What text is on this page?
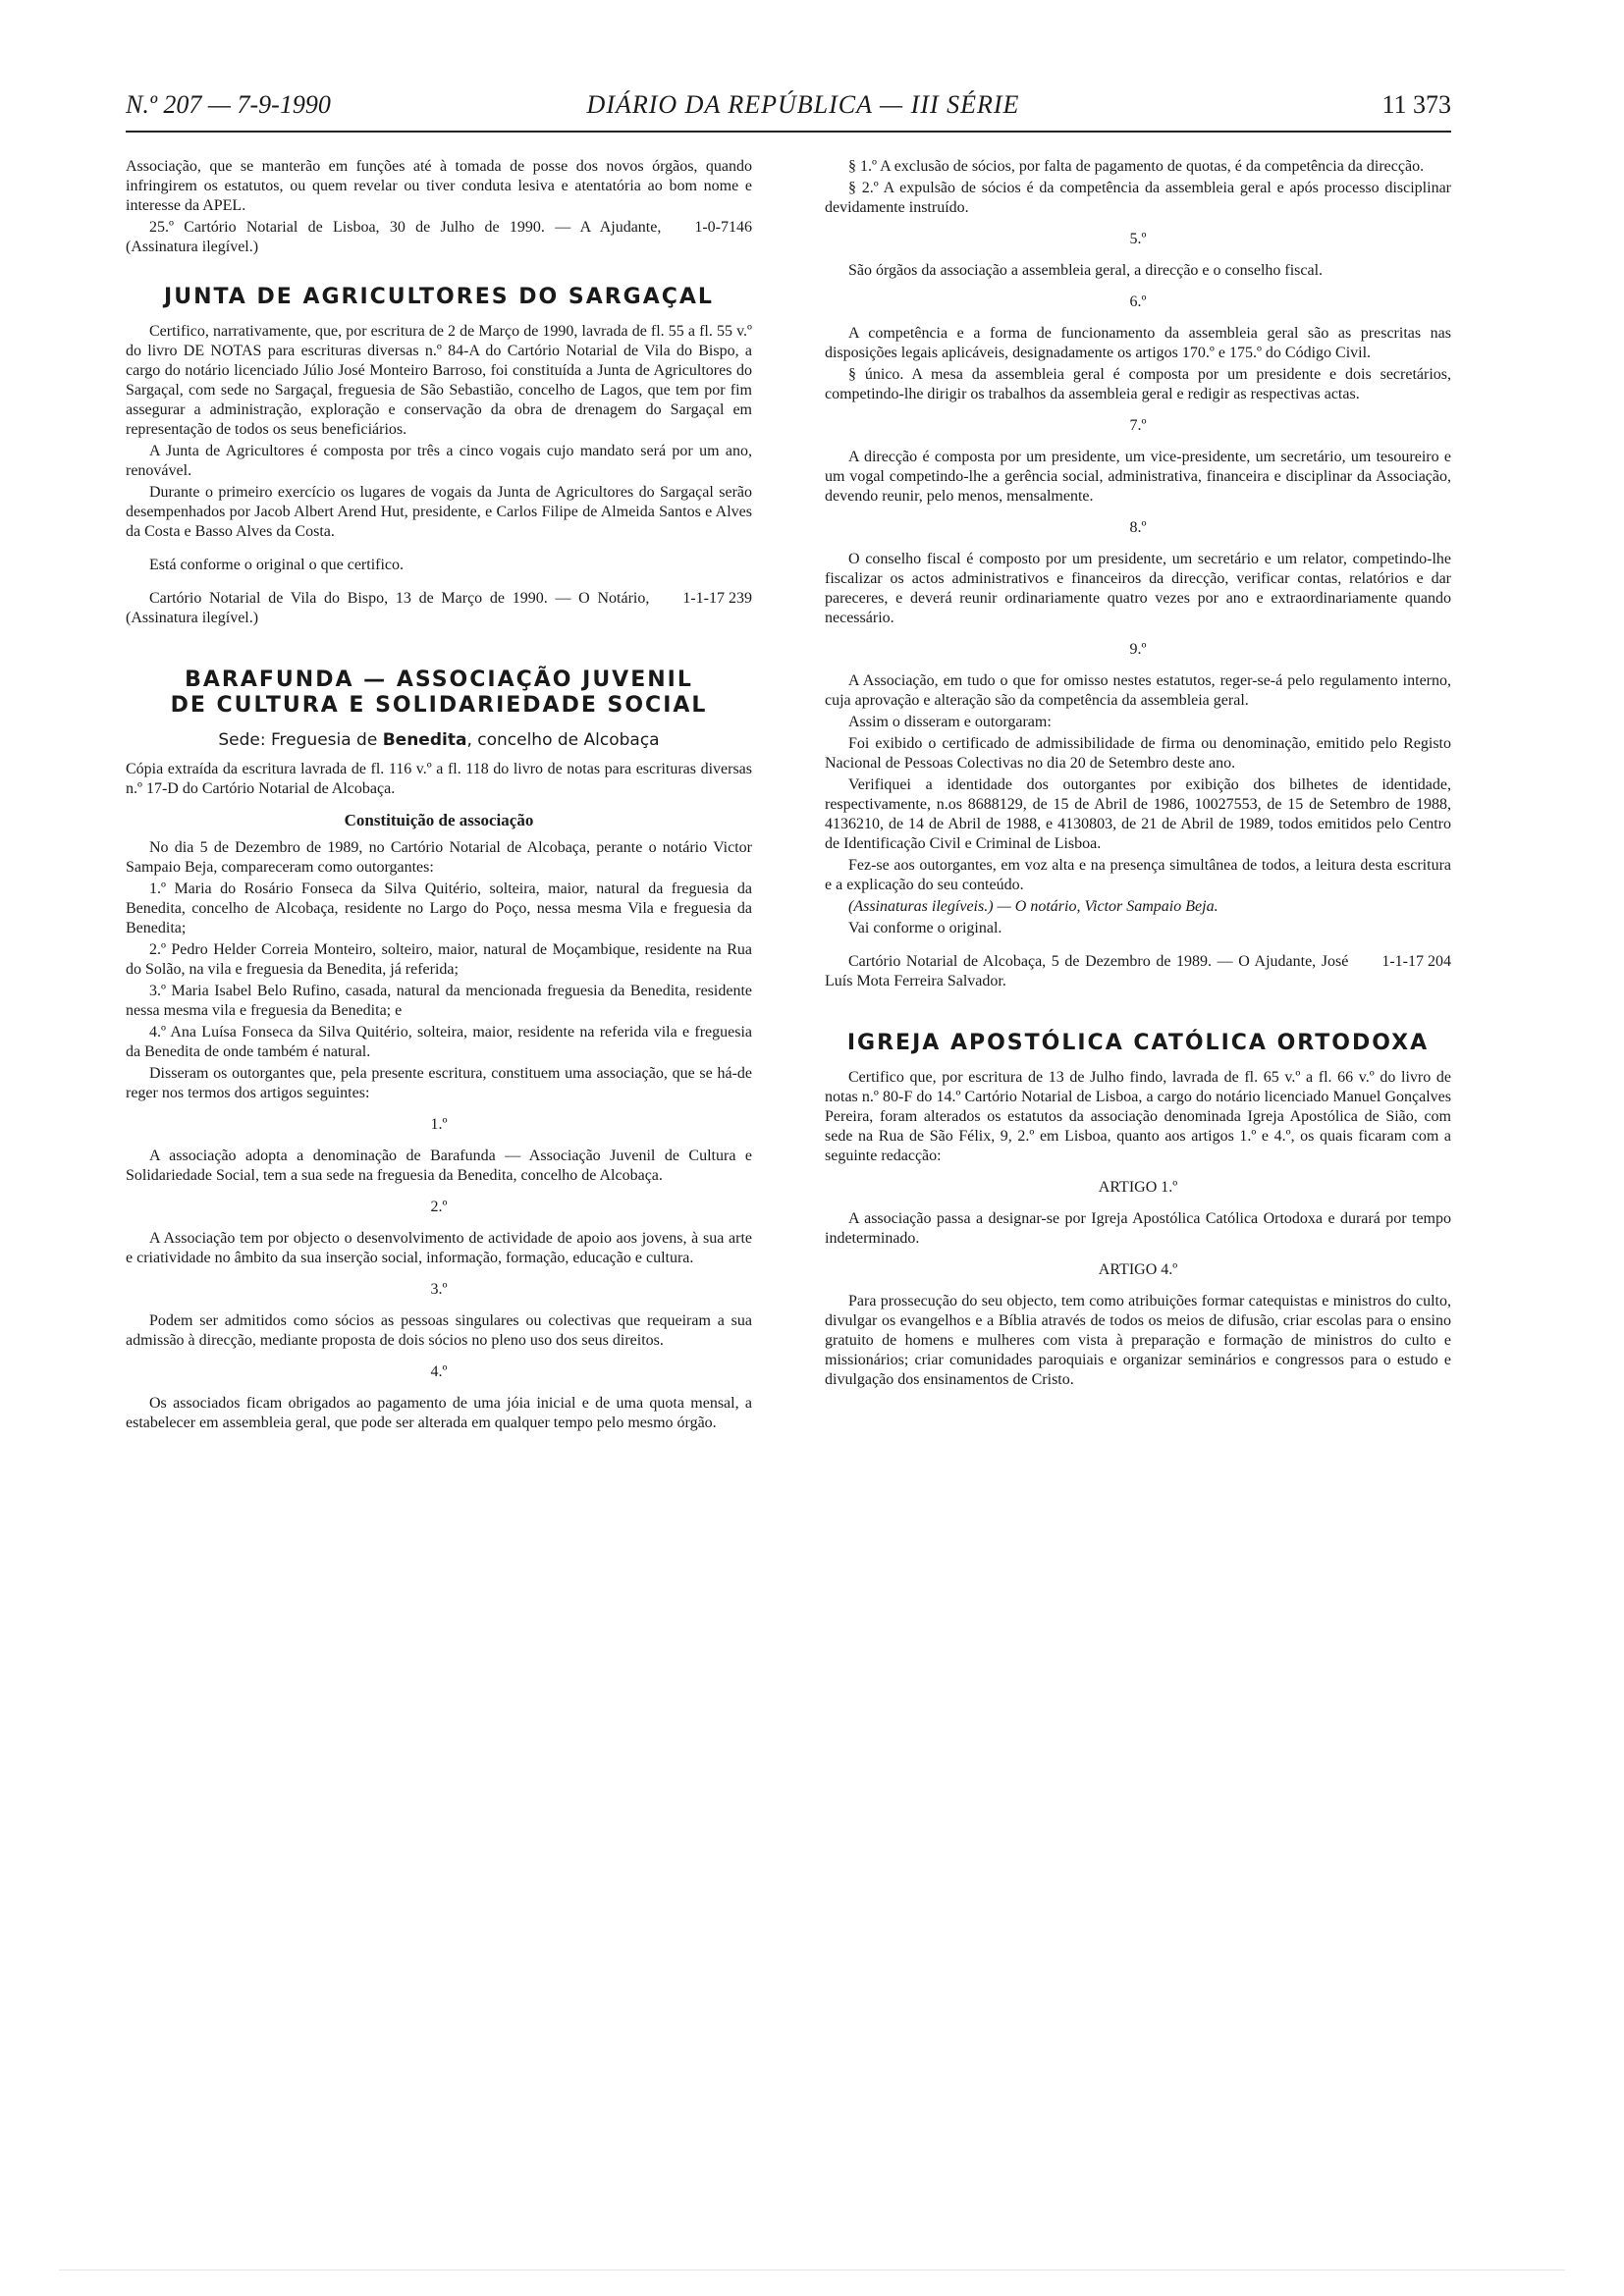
N.º 207 — 7-9-1990	DIÁRIO DA REPÚBLICA — III SÉRIE	11 373

Associação, que se manterão em funções até à tomada de posse dos novos órgãos, quando infringirem os estatutos, ou quem revelar ou tiver conduta lesiva e atentatória ao bom nome e interesse da APEL.

25.º Cartório Notarial de Lisboa, 30 de Julho de 1990. — A Ajudante, (Assinatura ilegível.)
1-0-7146

JUNTA DE AGRICULTORES DO SARGAÇAL

Certifico, narrativamente, que, por escritura de 2 de Março de 1990, lavrada de fl. 55 a fl. 55 v.º do livro DE NOTAS para escrituras diversas n.º 84-A do Cartório Notarial de Vila do Bispo, a cargo do notário licenciado Júlio José Monteiro Barroso, foi constituída a Junta de Agricultores do Sargaçal, com sede no Sargaçal, freguesia de São Sebastião, concelho de Lagos, que tem por fim assegurar a administração, exploração e conservação da obra de drenagem do Sargaçal em representação de todos os seus beneficiários.

A Junta de Agricultores é composta por três a cinco vogais cujo mandato será por um ano, renovável.

Durante o primeiro exercício os lugares de vogais da Junta de Agricultores do Sargaçal serão desempenhados por Jacob Albert Arend Hut, presidente, e Carlos Filipe de Almeida Santos e Alves da Costa e Basso Alves da Costa.

Está conforme o original o que certifico.

Cartório Notarial de Vila do Bispo, 13 de Março de 1990. — O Notário, (Assinatura ilegível.)
1-1-17 239

BARAFUNDA — ASSOCIAÇÃO JUVENIL
DE CULTURA E SOLIDARIEDADE SOCIAL
Sede: Freguesia de Benedita, concelho de Alcobaça

Cópia extraída da escritura lavrada de fl. 116 v.º a fl. 118 do livro de notas para escrituras diversas n.º 17-D do Cartório Notarial de Alcobaça.

Constituição de associação

No dia 5 de Dezembro de 1989, no Cartório Notarial de Alcobaça, perante o notário Victor Sampaio Beja, compareceram como outorgantes:

1.º Maria do Rosário Fonseca da Silva Quitério, solteira, maior, natural da freguesia da Benedita, concelho de Alcobaça, residente no Largo do Poço, nessa mesma Vila e freguesia da Benedita;

2.º Pedro Helder Correia Monteiro, solteiro, maior, natural de Moçambique, residente na Rua do Solão, na vila e freguesia da Benedita, já referida;

3.º Maria Isabel Belo Rufino, casada, natural da mencionada freguesia da Benedita, residente nessa mesma vila e freguesia da Benedita; e

4.º Ana Luísa Fonseca da Silva Quitério, solteira, maior, residente na referida vila e freguesia da Benedita de onde também é natural.

Disseram os outorgantes que, pela presente escritura, constituem uma associação, que se há-de reger nos termos dos artigos seguintes:

1.º

A associação adopta a denominação de Barafunda — Associação Juvenil de Cultura e Solidariedade Social, tem a sua sede na freguesia da Benedita, concelho de Alcobaça.

2.º

A Associação tem por objecto o desenvolvimento de actividade de apoio aos jovens, à sua arte e criatividade no âmbito da sua inserção social, informação, formação, educação e cultura.

3.º

Podem ser admitidos como sócios as pessoas singulares ou colectivas que requeiram a sua admissão à direcção, mediante proposta de dois sócios no pleno uso dos seus direitos.

4.º

Os associados ficam obrigados ao pagamento de uma jóia inicial e de uma quota mensal, a estabelecer em assembleia geral, que pode ser alterada em qualquer tempo pelo mesmo órgão.

§ 1.º A exclusão de sócios, por falta de pagamento de quotas, é da competência da direcção.

§ 2.º A expulsão de sócios é da competência da assembleia geral e após processo disciplinar devidamente instruído.

5.º

São órgãos da associação a assembleia geral, a direcção e o conselho fiscal.

6.º

A competência e a forma de funcionamento da assembleia geral são as prescritas nas disposições legais aplicáveis, designadamente os artigos 170.º e 175.º do Código Civil.

§ único. A mesa da assembleia geral é composta por um presidente e dois secretários, competindo-lhe dirigir os trabalhos da assembleia geral e redigir as respectivas actas.

7.º

A direcção é composta por um presidente, um vice-presidente, um secretário, um tesoureiro e um vogal competindo-lhe a gerência social, administrativa, financeira e disciplinar da Associação, devendo reunir, pelo menos, mensalmente.

8.º

O conselho fiscal é composto por um presidente, um secretário e um relator, competindo-lhe fiscalizar os actos administrativos e financeiros da direcção, verificar contas, relatórios e dar pareceres, e deverá reunir ordinariamente quatro vezes por ano e extraordinariamente quando necessário.

9.º

A Associação, em tudo o que for omisso nestes estatutos, reger-se-á pelo regulamento interno, cuja aprovação e alteração são da competência da assembleia geral.

Assim o disseram e outorgaram:

Foi exibido o certificado de admissibilidade de firma ou denominação, emitido pelo Registo Nacional de Pessoas Colectivas no dia 20 de Setembro deste ano.

Verifiquei a identidade dos outorgantes por exibição dos bilhetes de identidade, respectivamente, n.os 8688129, de 15 de Abril de 1986, 10027553, de 15 de Setembro de 1988, 4136210, de 14 de Abril de 1988, e 4130803, de 21 de Abril de 1989, todos emitidos pelo Centro de Identificação Civil e Criminal de Lisboa.

Fez-se aos outorgantes, em voz alta e na presença simultânea de todos, a leitura desta escritura e a explicação do seu conteúdo.

(Assinaturas ilegíveis.) — O notário, Victor Sampaio Beja.

Vai conforme o original.

Cartório Notarial de Alcobaça, 5 de Dezembro de 1989. — O Ajudante, José Luís Mota Ferreira Salvador.
1-1-17 204

IGREJA APOSTÓLICA CATÓLICA ORTODOXA

Certifico que, por escritura de 13 de Julho findo, lavrada de fl. 65 v.º a fl. 66 v.º do livro de notas n.º 80-F do 14.º Cartório Notarial de Lisboa, a cargo do notário licenciado Manuel Gonçalves Pereira, foram alterados os estatutos da associação denominada Igreja Apostólica de Sião, com sede na Rua de São Félix, 9, 2.º em Lisboa, quanto aos artigos 1.º e 4.º, os quais ficaram com a seguinte redacção:

ARTIGO 1.º

A associação passa a designar-se por Igreja Apostólica Católica Ortodoxa e durará por tempo indeterminado.

ARTIGO 4.º

Para prossecução do seu objecto, tem como atribuições formar catequistas e ministros do culto, divulgar os evangelhos e a Bíblia através de todos os meios de difusão, criar escolas para o ensino gratuito de homens e mulheres com vista à preparação e formação de ministros do culto e missionários; criar comunidades paroquiais e organizar seminários e congressos para o estudo e divulgação dos ensinamentos de Cristo.
